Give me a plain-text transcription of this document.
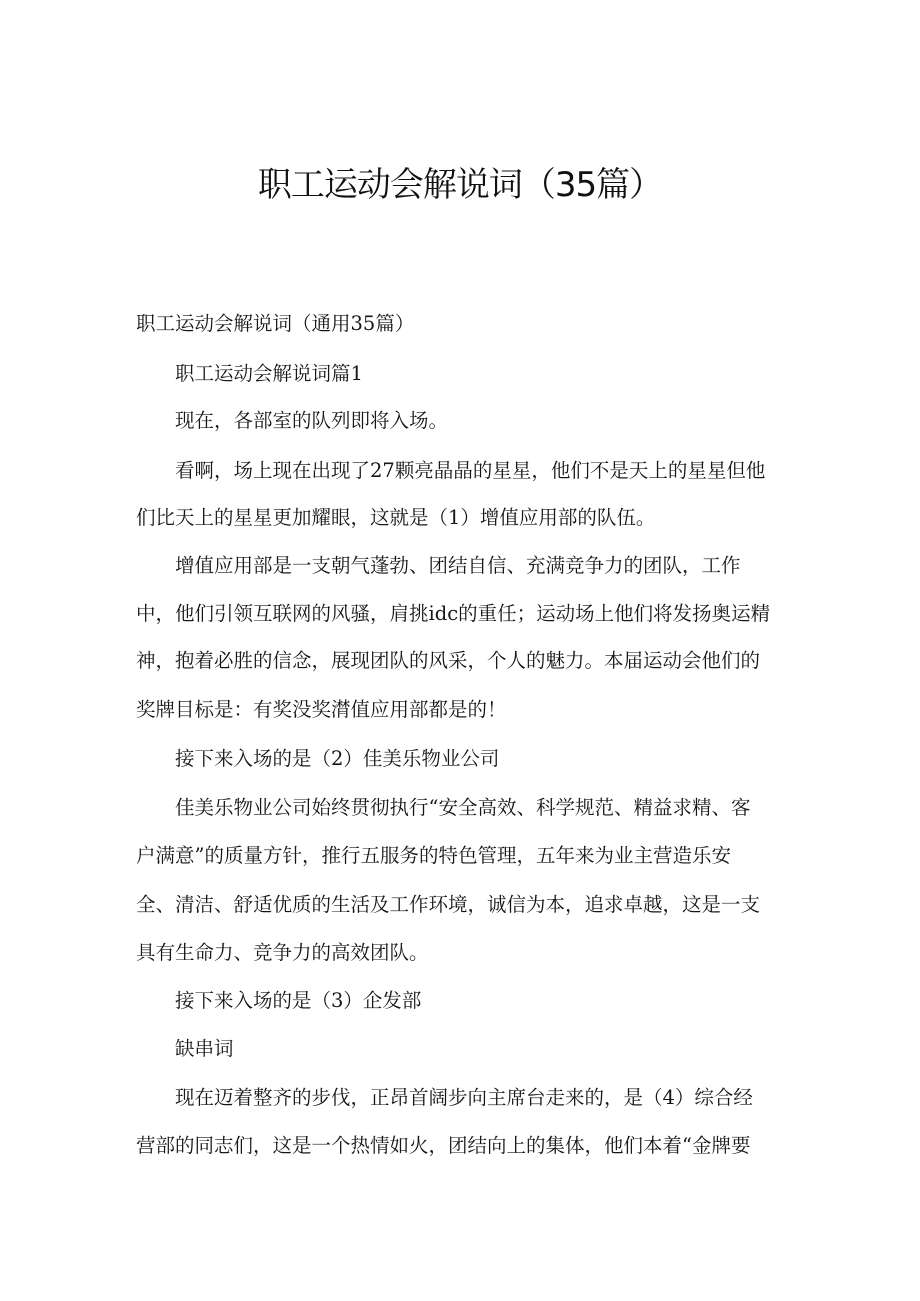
职工运动会解说词（35篇）

职工运动会解说词（通用35篇）

职工运动会解说词篇1

现在，各部室的队列即将入场。

看啊，场上现在出现了27颗亮晶晶的星星，他们不是天上的星星但他

们比天上的星星更加耀眼，这就是（1）增值应用部的队伍。

增值应用部是一支朝气蓬勃、团结自信、充满竞争力的团队，工作

中，他们引领互联网的风骚，肩挑idc的重任；运动场上他们将发扬奥运精

神，抱着必胜的信念，展现团队的风采，个人的魅力。本届运动会他们的

奖牌目标是：有奖没奖潸值应用部都是的！

接下来入场的是（2）佳美乐物业公司

佳美乐物业公司始终贯彻执行“安全高效、科学规范、精益求精、客

户满意”的质量方针，推行五服务的特色管理，五年来为业主营造乐安

全、清洁、舒适优质的生活及工作环境，诚信为本，追求卓越，这是一支

具有生命力、竞争力的高效团队。

接下来入场的是（3）企发部

缺串词

现在迈着整齐的步伐，正昂首阔步向主席台走来的，是（4）综合经

营部的同志们，这是一个热情如火，团结向上的集体，他们本着“金牌要
